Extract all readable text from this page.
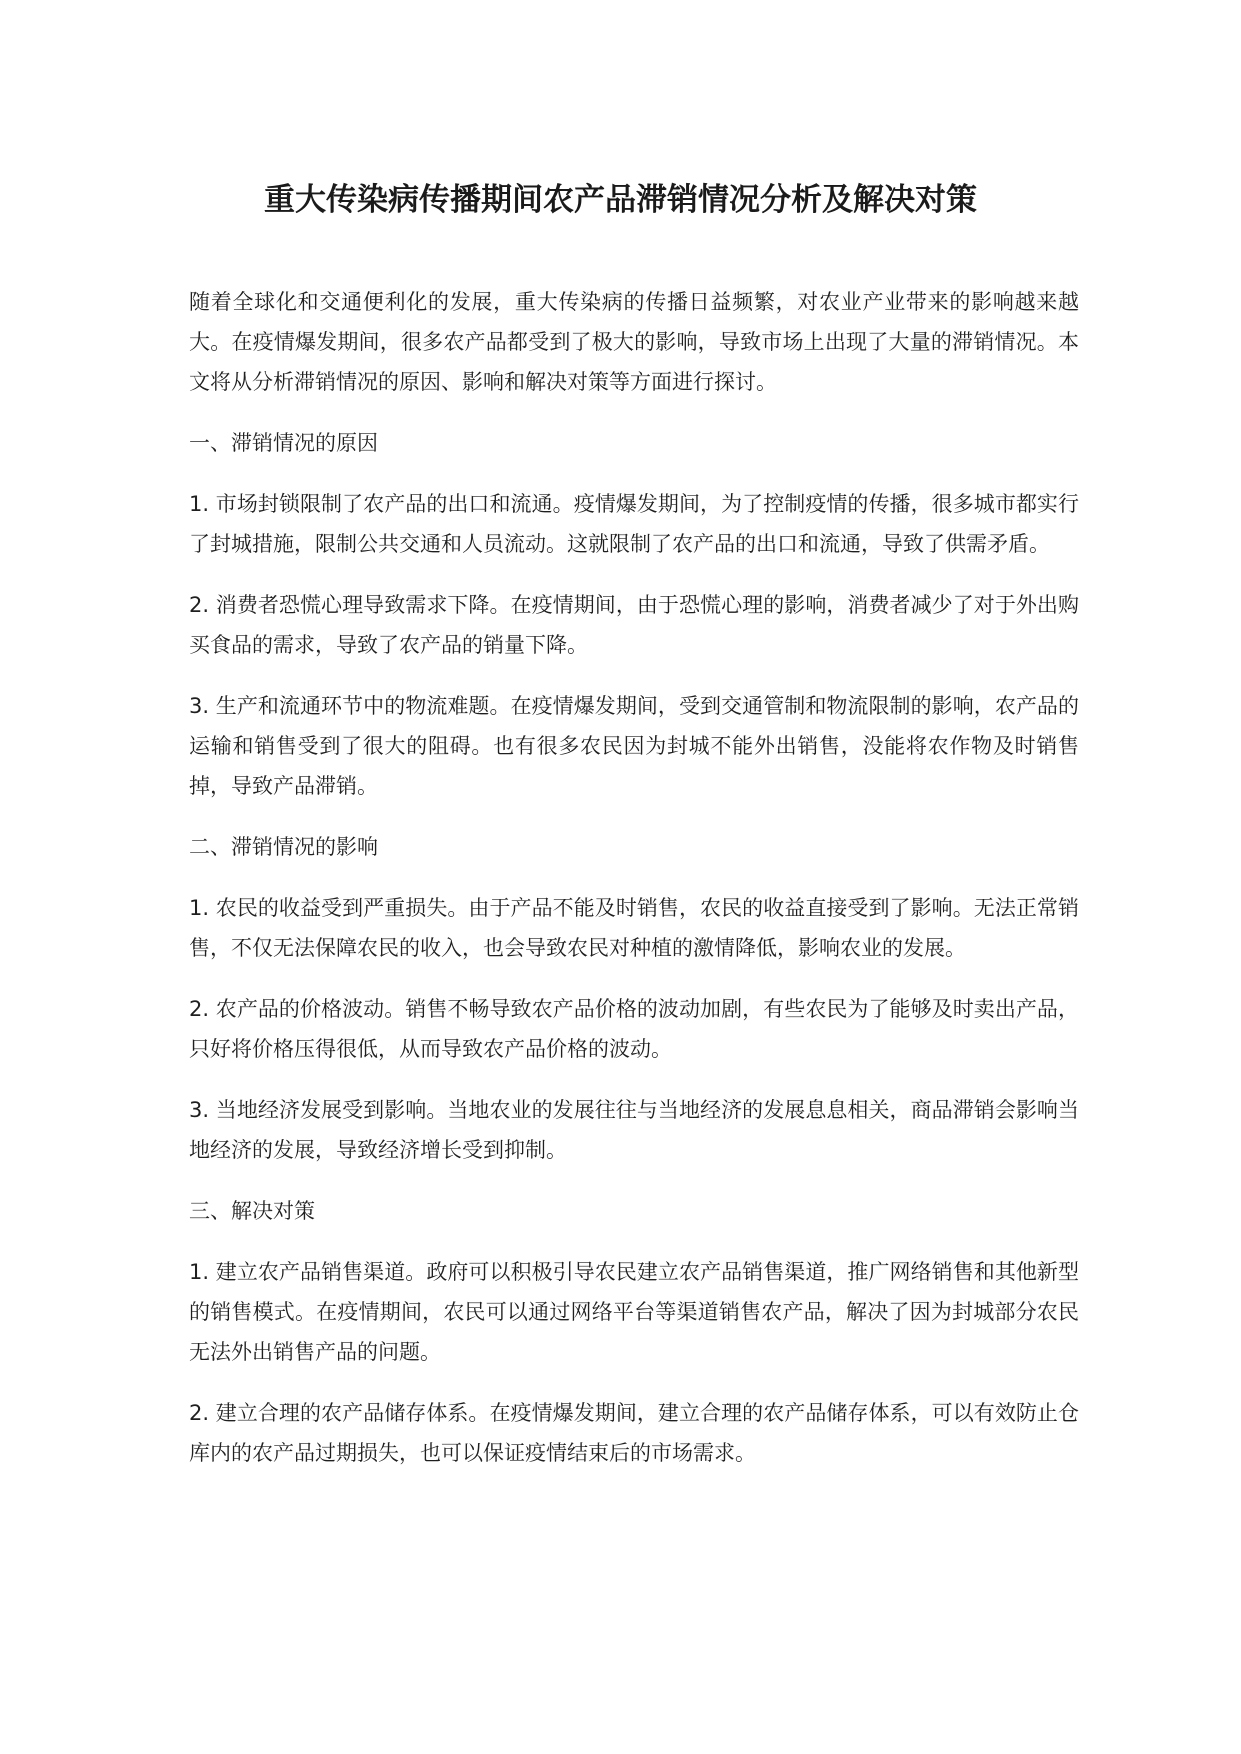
重大传染病传播期间农产品滞销情况分析及解决对策

随着全球化和交通便利化的发展，重大传染病的传播日益频繁，对农业产业带来的影响越来越大。在疫情爆发期间，很多农产品都受到了极大的影响，导致市场上出现了大量的滞销情况。本文将从分析滞销情况的原因、影响和解决对策等方面进行探讨。

一、滞销情况的原因

1. 市场封锁限制了农产品的出口和流通。疫情爆发期间，为了控制疫情的传播，很多城市都实行了封城措施，限制公共交通和人员流动。这就限制了农产品的出口和流通，导致了供需矛盾。

2. 消费者恐慌心理导致需求下降。在疫情期间，由于恐慌心理的影响，消费者减少了对于外出购买食品的需求，导致了农产品的销量下降。

3. 生产和流通环节中的物流难题。在疫情爆发期间，受到交通管制和物流限制的影响，农产品的运输和销售受到了很大的阻碍。也有很多农民因为封城不能外出销售，没能将农作物及时销售掉，导致产品滞销。

二、滞销情况的影响

1. 农民的收益受到严重损失。由于产品不能及时销售，农民的收益直接受到了影响。无法正常销售，不仅无法保障农民的收入，也会导致农民对种植的激情降低，影响农业的发展。

2. 农产品的价格波动。销售不畅导致农产品价格的波动加剧，有些农民为了能够及时卖出产品，只好将价格压得很低，从而导致农产品价格的波动。

3. 当地经济发展受到影响。当地农业的发展往往与当地经济的发展息息相关，商品滞销会影响当地经济的发展，导致经济增长受到抑制。

三、解决对策

1. 建立农产品销售渠道。政府可以积极引导农民建立农产品销售渠道，推广网络销售和其他新型的销售模式。在疫情期间，农民可以通过网络平台等渠道销售农产品，解决了因为封城部分农民无法外出销售产品的问题。

2. 建立合理的农产品储存体系。在疫情爆发期间，建立合理的农产品储存体系，可以有效防止仓库内的农产品过期损失，也可以保证疫情结束后的市场需求。
